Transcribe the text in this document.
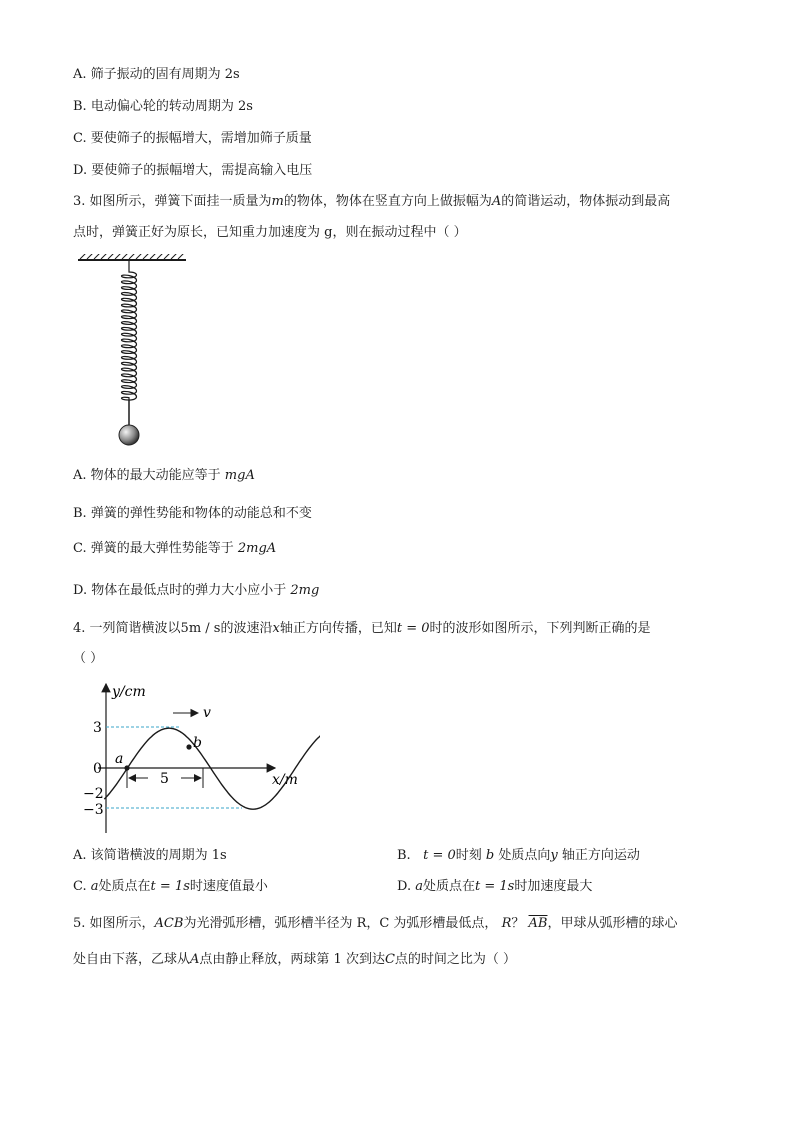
A. 筛子振动的固有周期为 2s
B. 电动偏心轮的转动周期为 2s
C. 要使筛子的振幅增大，需增加筛子质量
D. 要使筛子的振幅增大，需提高输入电压
3. 如图所示，弹簧下面挂一质量为m的物体，物体在竖直方向上做振幅为A的简谐运动，物体振动到最高
点时，弹簧正好为原长，已知重力加速度为 g，则在振动过程中（ ）
A. 物体的最大动能应等于 mgA
B. 弹簧的弹性势能和物体的动能总和不变
C. 弹簧的最大弹性势能等于 2mgA
D. 物体在最低点时的弹力大小应小于 2mg
4. 一列简谐横波以5m / s的波速沿x轴正方向传播，已知t = 0时的波形如图所示，下列判断正确的是
（ ）
y/cm
x/m
3
0
−2
−3
a
b
v
5
A. 该简谐横波的周期为 1s	B. t = 0时刻 b 处质点向y 轴正方向运动
C. a处质点在t = 1s时速度值最小	D. a处质点在t = 1s时加速度最大
5. 如图所示，ACB为光滑弧形槽，弧形槽半径为 R，C 为弧形槽最低点， R？ $\overline{AB}$，甲球从弧形槽的球心
处自由下落，乙球从A点由静止释放，两球第 1 次到达C点的时间之比为（ ）
